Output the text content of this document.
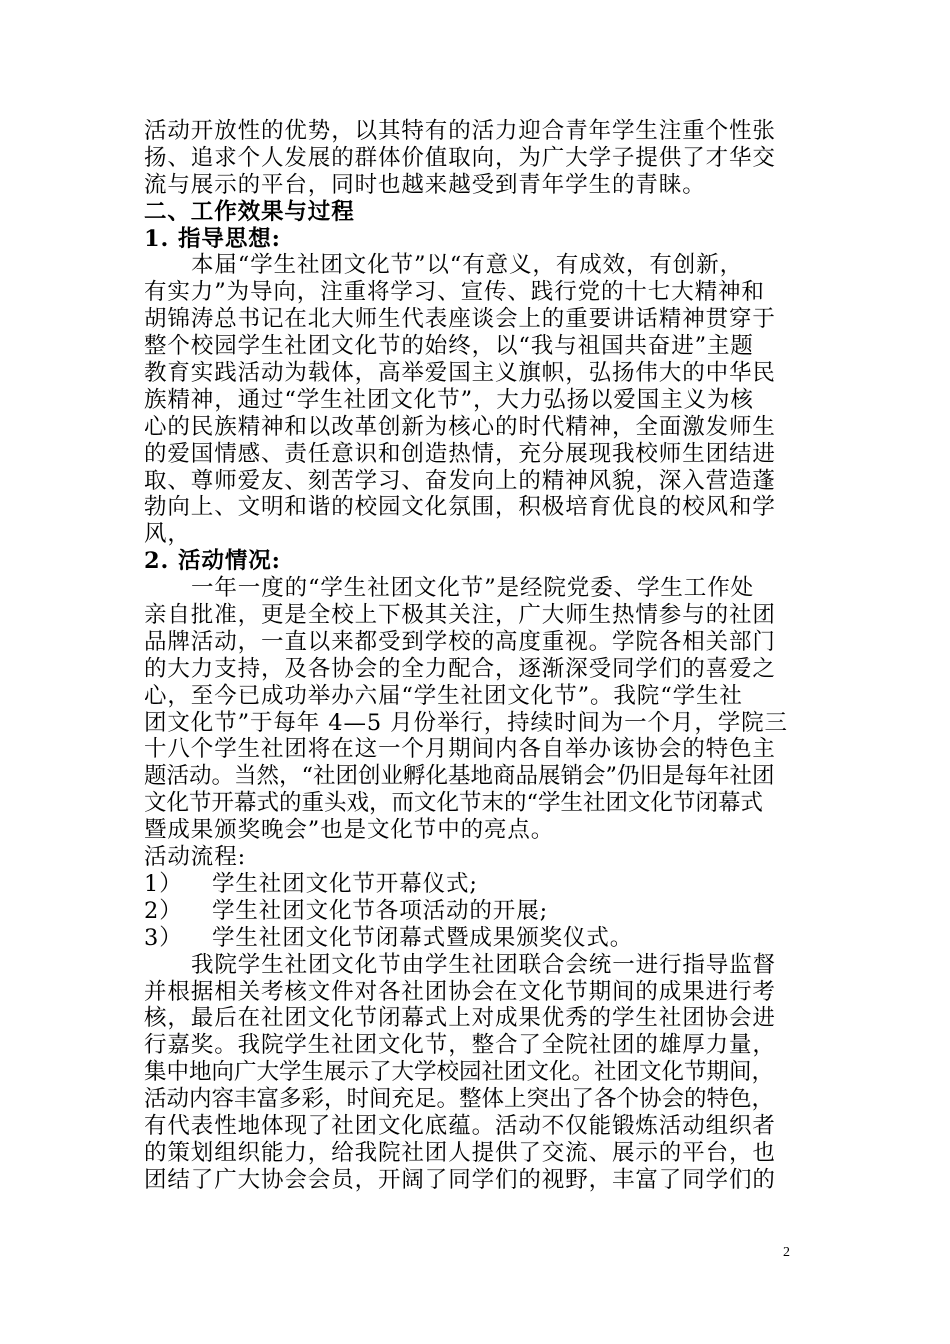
活动开放性的优势，以其特有的活力迎合青年学生注重个性张
扬、追求个人发展的群体价值取向，为广大学子提供了才华交
流与展示的平台，同时也越来越受到青年学生的青睐。
二、工作效果与过程
1. 指导思想:
本届“学生社团文化节”以“有意义，有成效，有创新，
有实力”为导向，注重将学习、宣传、践行党的十七大精神和
胡锦涛总书记在北大师生代表座谈会上的重要讲话精神贯穿于
整个校园学生社团文化节的始终，以“我与祖国共奋进”主题
教育实践活动为载体，高举爱国主义旗帜，弘扬伟大的中华民
族精神，通过“学生社团文化节”，大力弘扬以爱国主义为核
心的民族精神和以改革创新为核心的时代精神，全面激发师生
的爱国情感、责任意识和创造热情，充分展现我校师生团结进
取、尊师爱友、刻苦学习、奋发向上的精神风貌，深入营造蓬
勃向上、文明和谐的校园文化氛围，积极培育优良的校风和学
风，
2. 活动情况:
一年一度的“学生社团文化节”是经院党委、学生工作处
亲自批准，更是全校上下极其关注，广大师生热情参与的社团
品牌活动，一直以来都受到学校的高度重视。学院各相关部门
的大力支持，及各协会的全力配合，逐渐深受同学们的喜爱之
心，至今已成功举办六届“学生社团文化节”。我院“学生社
团文化节”于每年 4—5 月份举行，持续时间为一个月，学院三
十八个学生社团将在这一个月期间内各自举办该协会的特色主
题活动。当然，“社团创业孵化基地商品展销会”仍旧是每年社团
文化节开幕式的重头戏，而文化节末的“学生社团文化节闭幕式
暨成果颁奖晚会”也是文化节中的亮点。
活动流程:
1）	学生社团文化节开幕仪式;
2）	学生社团文化节各项活动的开展;
3）	学生社团文化节闭幕式暨成果颁奖仪式。
我院学生社团文化节由学生社团联合会统一进行指导监督
并根据相关考核文件对各社团协会在文化节期间的成果进行考
核，最后在社团文化节闭幕式上对成果优秀的学生社团协会进
行嘉奖。我院学生社团文化节，整合了全院社团的雄厚力量，
集中地向广大学生展示了大学校园社团文化。社团文化节期间，
活动内容丰富多彩，时间充足。整体上突出了各个协会的特色，
有代表性地体现了社团文化底蕴。活动不仅能锻炼活动组织者
的策划组织能力，给我院社团人提供了交流、展示的平台，也
团结了广大协会会员，开阔了同学们的视野，丰富了同学们的
2
